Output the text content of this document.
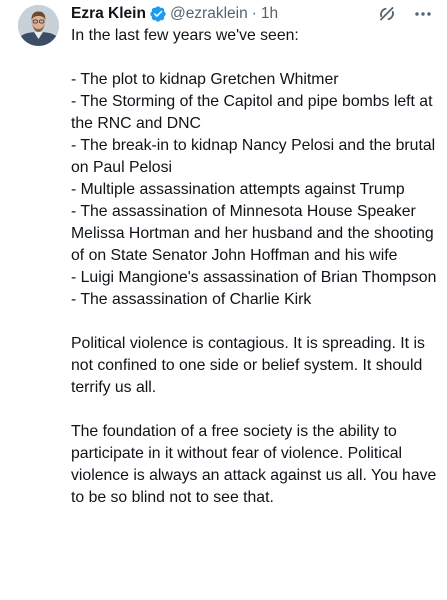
Ezra Klein @ezraklein · 1h

In the last few years we've seen:

- The plot to kidnap Gretchen Whitmer
- The Storming of the Capitol and pipe bombs left at the RNC and DNC
- The break-in to kidnap Nancy Pelosi and the brutal on Paul Pelosi
- Multiple assassination attempts against Trump
- The assassination of Minnesota House Speaker Melissa Hortman and her husband and the shooting of on State Senator John Hoffman and his wife
- Luigi Mangione's assassination of Brian Thompson
- The assassination of Charlie Kirk

Political violence is contagious. It is spreading. It is not confined to one side or belief system. It should terrify us all.

The foundation of a free society is the ability to participate in it without fear of violence. Political violence is always an attack against us all. You have to be so blind not to see that.
